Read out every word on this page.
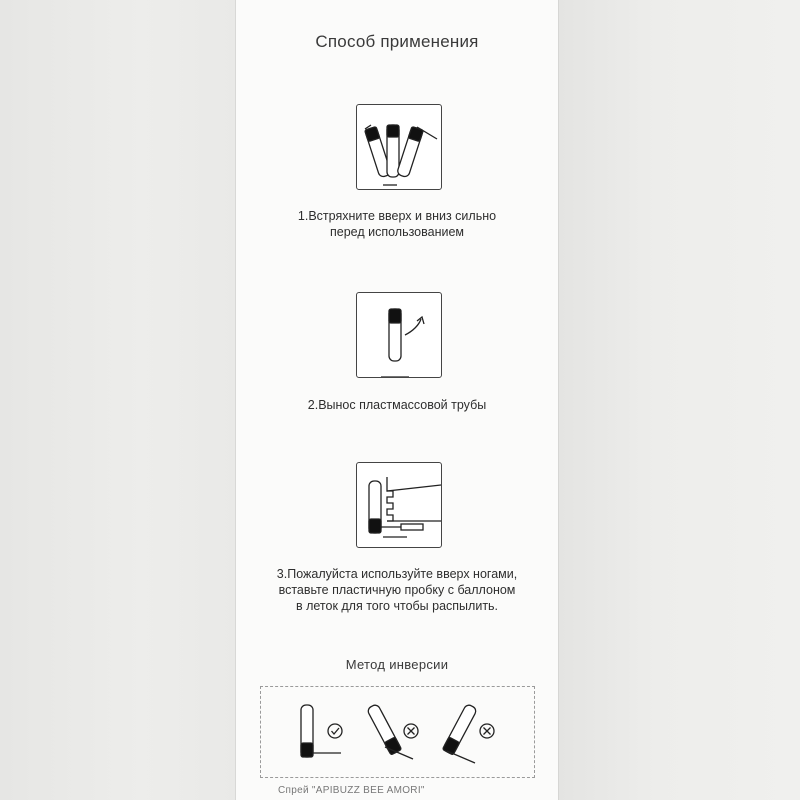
Способ применения
1.Встряхните вверх и вниз сильно
перед использованием
2.Вынос пластмассовой трубы
3.Пожалуйста используйте вверх ногами,
вставьте пластичную пробку с баллоном
в леток для того чтобы распылить.
Метод инверсии
Спрей "APIBUZZ BEE AMORI"
